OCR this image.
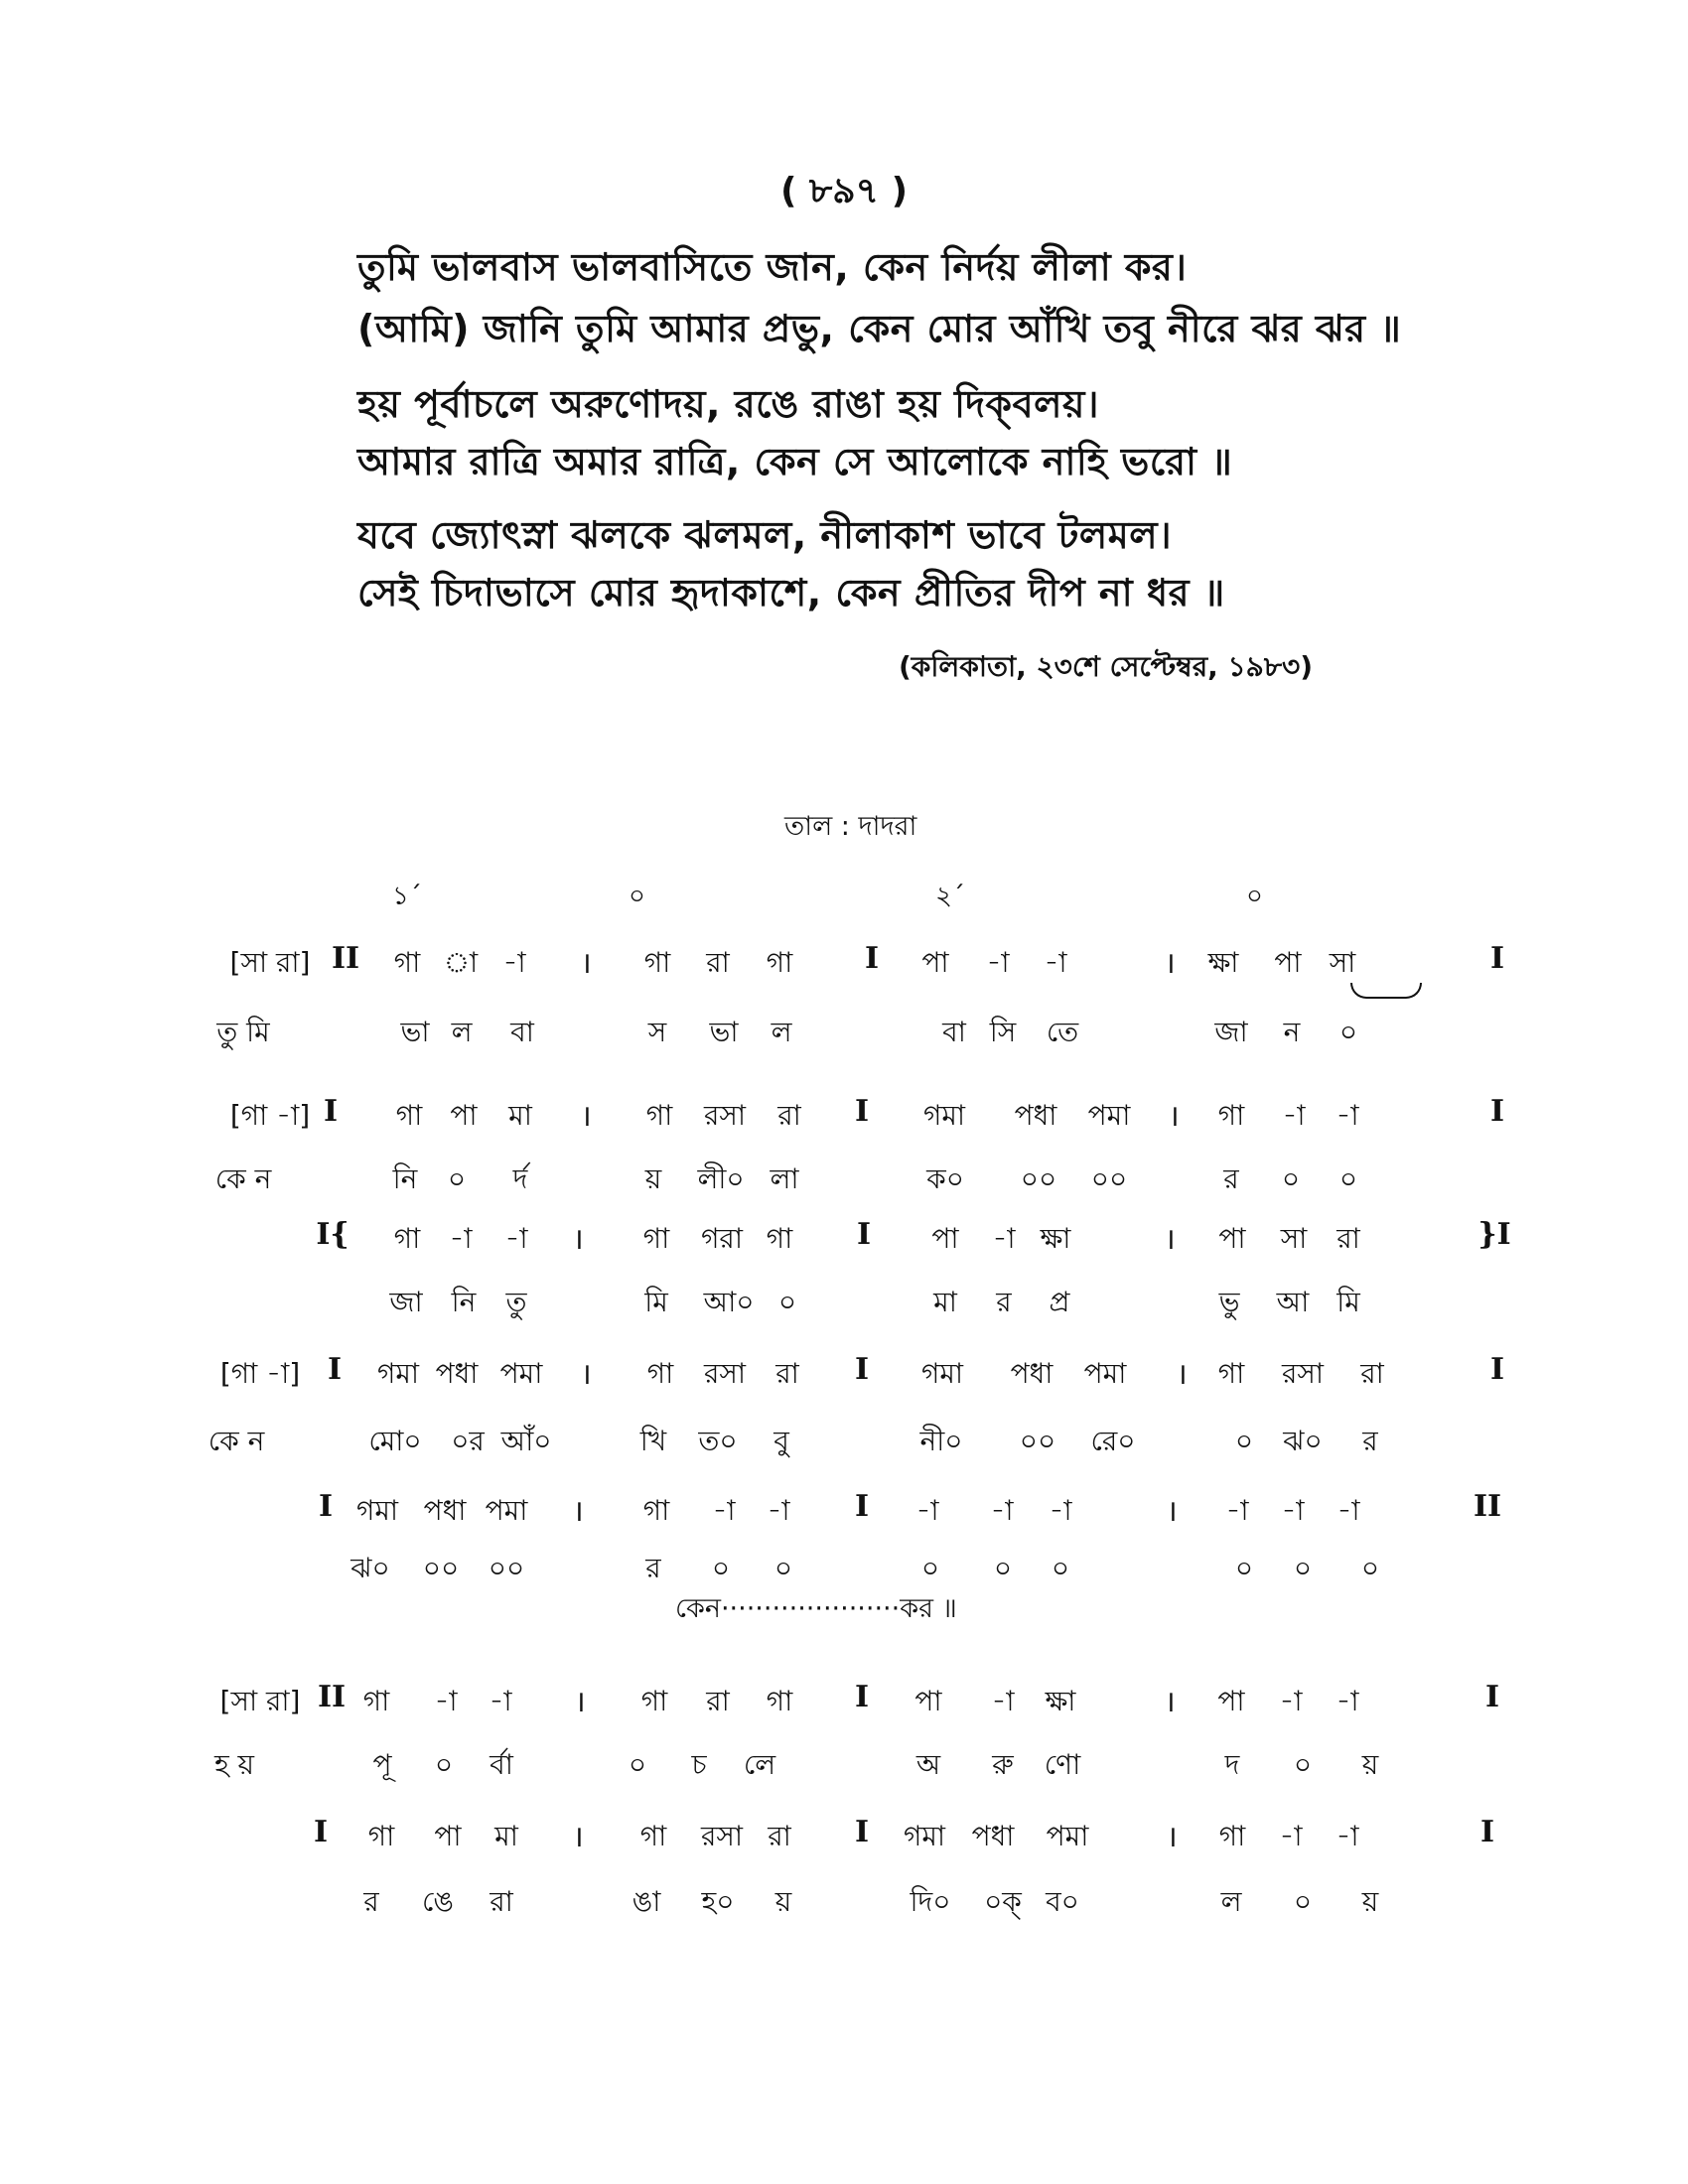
( ৮৯৭ )
তুমি ভালবাস ভালবাসিতে জান, কেন নির্দয় লীলা কর।
(আমি) জানি তুমি আমার প্রভু, কেন মোর আঁখি তবু নীরে ঝর ঝর ॥
হয় পূর্বাচলে অরুণোদয়, রঙে রাঙা হয় দিক্‌বলয়।
আমার রাত্রি অমার রাত্রি, কেন সে আলোকে নাহি ভরো ॥
যবে জ্যোৎস্না ঝলকে ঝলমল, নীলাকাশ ভাবে টলমল।
সেই চিদাভাসে মোর হৃদাকাশে, কেন প্রীতির দীপ না ধর ॥
(কলিকাতা, ২৩শে সেপ্টেম্বর, ১৯৮৩)
তাল : দাদরা
১´	০	২´	০
কেন·····················কর ॥
[সা রা] II গা া -া । গা রা গা I পা -া -া	। ক্ষা পা সা	I
তু মি	ভা ল বা	স ভা ল	বা সি তে	জা ন ০
[গা -া] I গা পা মা । গা রসা রা I গমা পধা পমা । গা -া -া	I
কে ন	নি ০ র্দ	য় লী০ লা	ক০ ০০ ০০	র ০ ০
I{ গা -া -া । গা গরা গা I পা -া ক্ষা	। পা সা রা	}I
জা নি তু	মি আ০ ০	মা র প্র	ভু আ মি
[গা -া] I গমা পধা পমা । গা রসা রা I গমা পধা পমা । গা রসা রা	I
কে ন	মো০ ০র আঁ০	খি ত০ বু	নী০ ০০ রে০	০ ঝ০ র
I গমা পধা পমা । গা -া -া I -া -া -া	। -া -া -া	II
ঝ০ ০০ ০০	র ০ ০	০ ০ ০	০ ০ ০
[সা রা] II গা -া -া । গা রা গা I পা -া ক্ষা	। পা -া -া	I
হ য়	পূ ০ র্বা	০ চ লে	অ রু ণো	দ ০ য়
I গা পা মা । গা রসা রা I গমা পধা পমা	। গা -া -া	I
র ঙে রা	ঙা হ০ য়	দি০ ০ক্ ব০	ল ০ য়
